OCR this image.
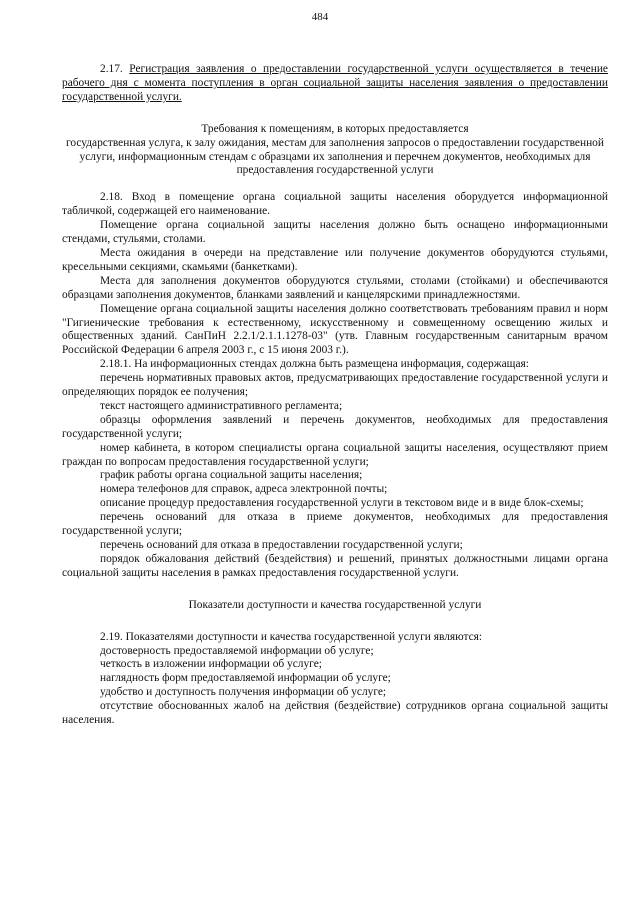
484

2.17. Регистрация заявления о предоставлении государственной услуги осуществляется в течение рабочего дня с момента поступления в орган социальной защиты населения заявления о предоставлении государственной услуги.

Требования к помещениям, в которых предоставляется

государственная услуга, к залу ожидания, местам для заполнения запросов о предоставлении государственной услуги, информационным стендам с образцами их заполнения и перечнем документов, необходимых для предоставления государственной услуги

2.18. Вход в помещение органа социальной защиты населения оборудуется информационной табличкой, содержащей его наименование.

Помещение органа социальной защиты населения должно быть оснащено информационными стендами, стульями, столами.

Места ожидания в очереди на представление или получение документов оборудуются стульями, кресельными секциями, скамьями (банкетками).

Места для заполнения документов оборудуются стульями, столами (стойками) и обеспечиваются образцами заполнения документов, бланками заявлений и канцелярскими принадлежностями.

Помещение органа социальной защиты населения должно соответствовать требованиям правил и норм "Гигиенические требования к естественному, искусственному и совмещенному освещению жилых и общественных зданий. СанПиН 2.2.1/2.1.1.1278-03" (утв. Главным государственным санитарным врачом Российской Федерации 6 апреля 2003 г., с 15 июня 2003 г.).

2.18.1. На информационных стендах должна быть размещена информация, содержащая:

перечень нормативных правовых актов, предусматривающих предоставление государственной услуги и определяющих порядок ее получения;

текст настоящего административного регламента;

образцы оформления заявлений и перечень документов, необходимых для предоставления государственной услуги;

номер кабинета, в котором специалисты органа социальной защиты населения, осуществляют прием граждан по вопросам предоставления государственной услуги;

график работы органа социальной защиты населения;

номера телефонов для справок, адреса электронной почты;

описание процедур предоставления государственной услуги в текстовом виде и в виде блок-схемы;

перечень оснований для отказа в приеме документов, необходимых для предоставления государственной услуги;

перечень оснований для отказа в предоставлении государственной услуги;

порядок обжалования действий (бездействия) и решений, принятых должностными лицами органа социальной защиты населения в рамках предоставления государственной услуги.

Показатели доступности и качества государственной услуги

2.19. Показателями доступности и качества государственной услуги являются:

достоверность предоставляемой информации об услуге;

четкость в изложении информации об услуге;

наглядность форм предоставляемой информации об услуге;

удобство и доступность получения информации об услуге;

отсутствие обоснованных жалоб на действия (бездействие) сотрудников органа социальной защиты населения.
